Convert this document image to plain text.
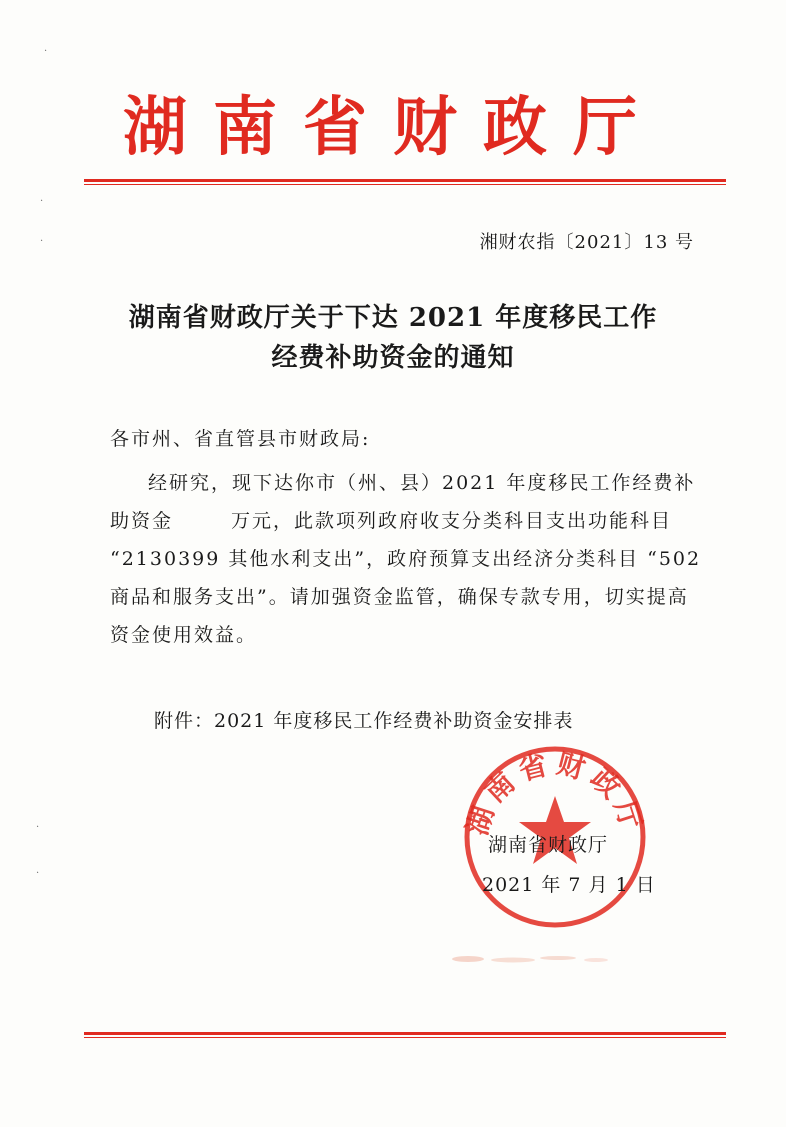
湖南省财政厅
湘财农指〔2021〕13 号
湖南省财政厅关于下达 2021 年度移民工作
经费补助资金的通知
各市州、省直管县市财政局:
经研究，现下达你市（州、县）2021 年度移民工作经费补
助资金	万元，此款项列政府收支分类科目支出功能科目
“2130399 其他水利支出”，政府预算支出经济分类科目 “502
商品和服务支出”。请加强资金监管，确保专款专用，切实提高
资金使用效益。
附件：2021 年度移民工作经费补助资金安排表
湖南省财政厅
湖南省财政厅
2021 年 7 月 1 日
·
·
·
·
·
